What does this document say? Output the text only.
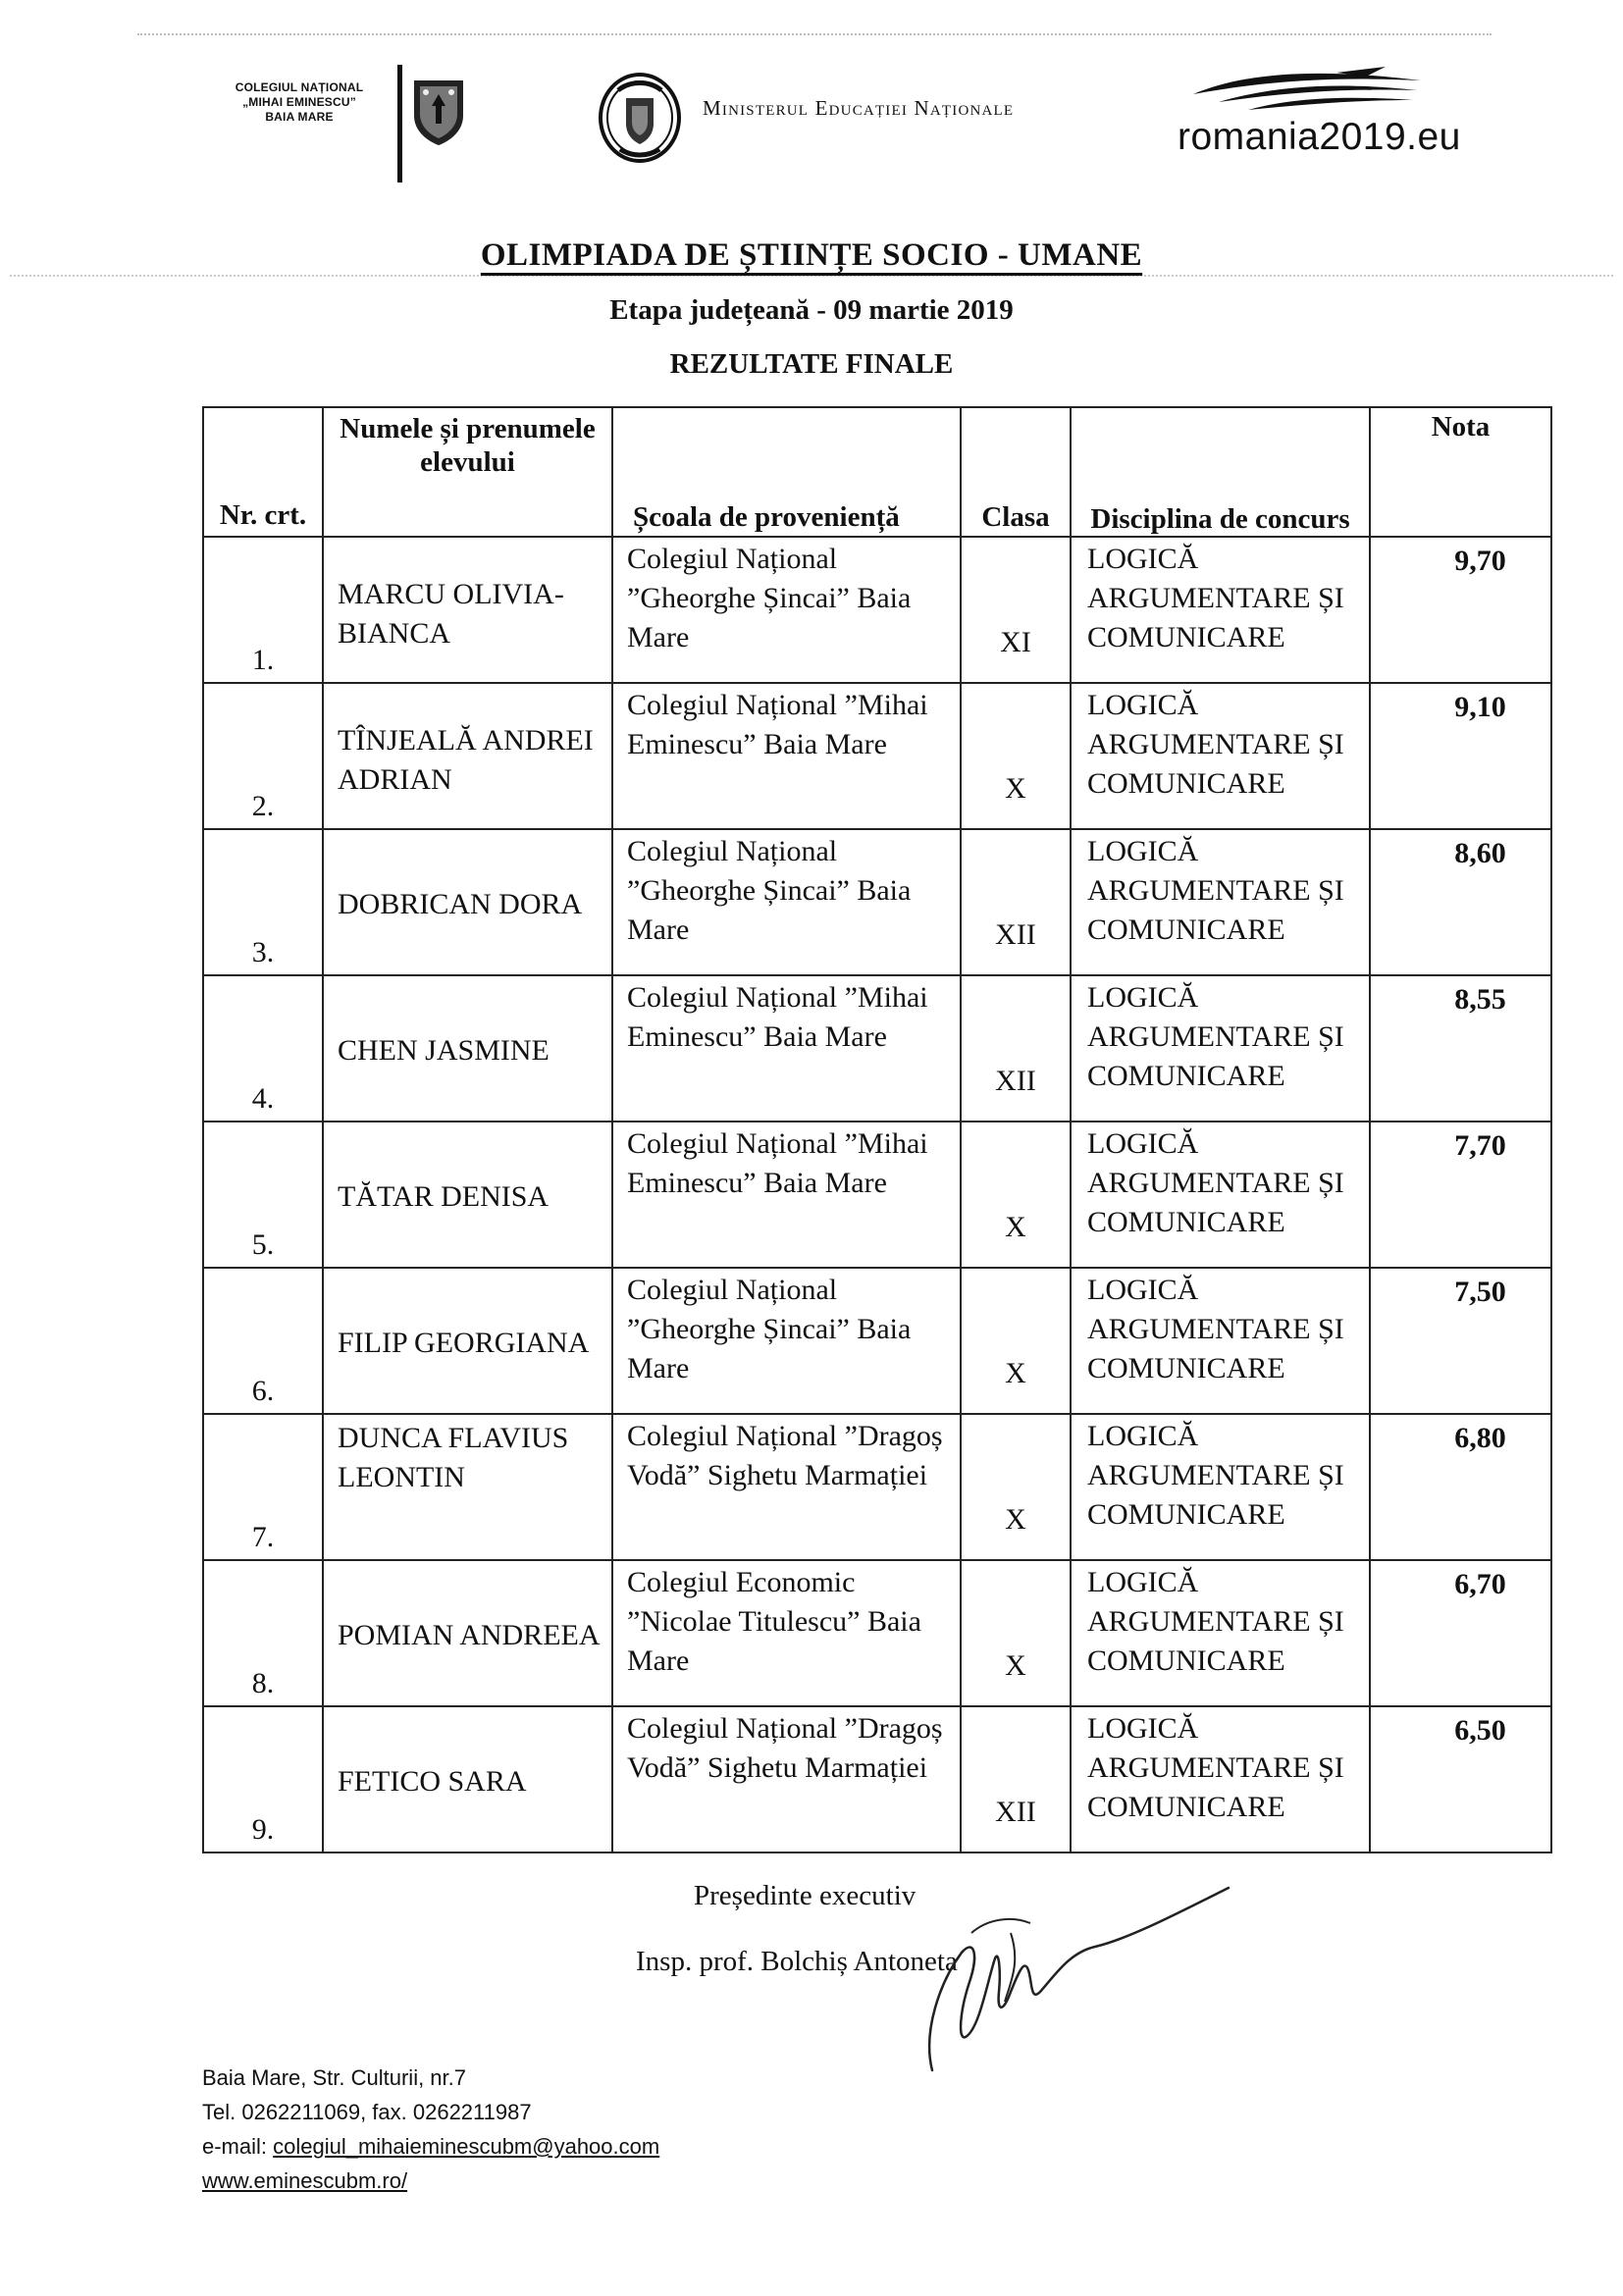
COLEGIUL NAȚIONAL
„MIHAI EMINESCU”
BAIA MARE	Ministerul Educației Naționale
romania2019.eu
OLIMPIADA DE ȘTIINȚE SOCIO - UMANE
Etapa județeană - 09 martie 2019
REZULTATE FINALE
Nr. crt.	Numele și prenumele elevului	Școala de proveniență	Clasa	Disciplina de concurs	Nota

1.	MARCU OLIVIA-BIANCA	Colegiul Național ”Gheorghe Șincai” Baia Mare	XI	LOGICĂ ARGUMENTARE ȘI COMUNICARE	9,70

2.	TÎNJEALĂ ANDREI ADRIAN	Colegiul Național ”Mihai Eminescu” Baia Mare	X	LOGICĂ ARGUMENTARE ȘI COMUNICARE	9,10

3.	DOBRICAN DORA	Colegiul Național ”Gheorghe Șincai” Baia Mare	XII	LOGICĂ ARGUMENTARE ȘI COMUNICARE	8,60

4.	CHEN JASMINE	Colegiul Național ”Mihai Eminescu” Baia Mare	XII	LOGICĂ ARGUMENTARE ȘI COMUNICARE	8,55

5.	TĂTAR DENISA	Colegiul Național ”Mihai Eminescu” Baia Mare	X	LOGICĂ ARGUMENTARE ȘI COMUNICARE	7,70

6.	FILIP GEORGIANA	Colegiul Național ”Gheorghe Șincai” Baia Mare	X	LOGICĂ ARGUMENTARE ȘI COMUNICARE	7,50

7.	DUNCA FLAVIUS LEONTIN	Colegiul Național ”Dragoș Vodă” Sighetu Marmației	X	LOGICĂ ARGUMENTARE ȘI COMUNICARE	6,80

8.	POMIAN ANDREEA	Colegiul Economic ”Nicolae Titulescu” Baia Mare	X	LOGICĂ ARGUMENTARE ȘI COMUNICARE	6,70

9.	FETICO SARA	Colegiul Național ”Dragoș Vodă” Sighetu Marmației	XII	LOGICĂ ARGUMENTARE ȘI COMUNICARE	6,50
Președinte executiv
Insp. prof. Bolchiș Antoneta
Baia Mare, Str. Culturii, nr.7
Tel. 0262211069, fax. 0262211987
e-mail: colegiul_mihaieminescubm@yahoo.com
www.eminescubm.ro/
